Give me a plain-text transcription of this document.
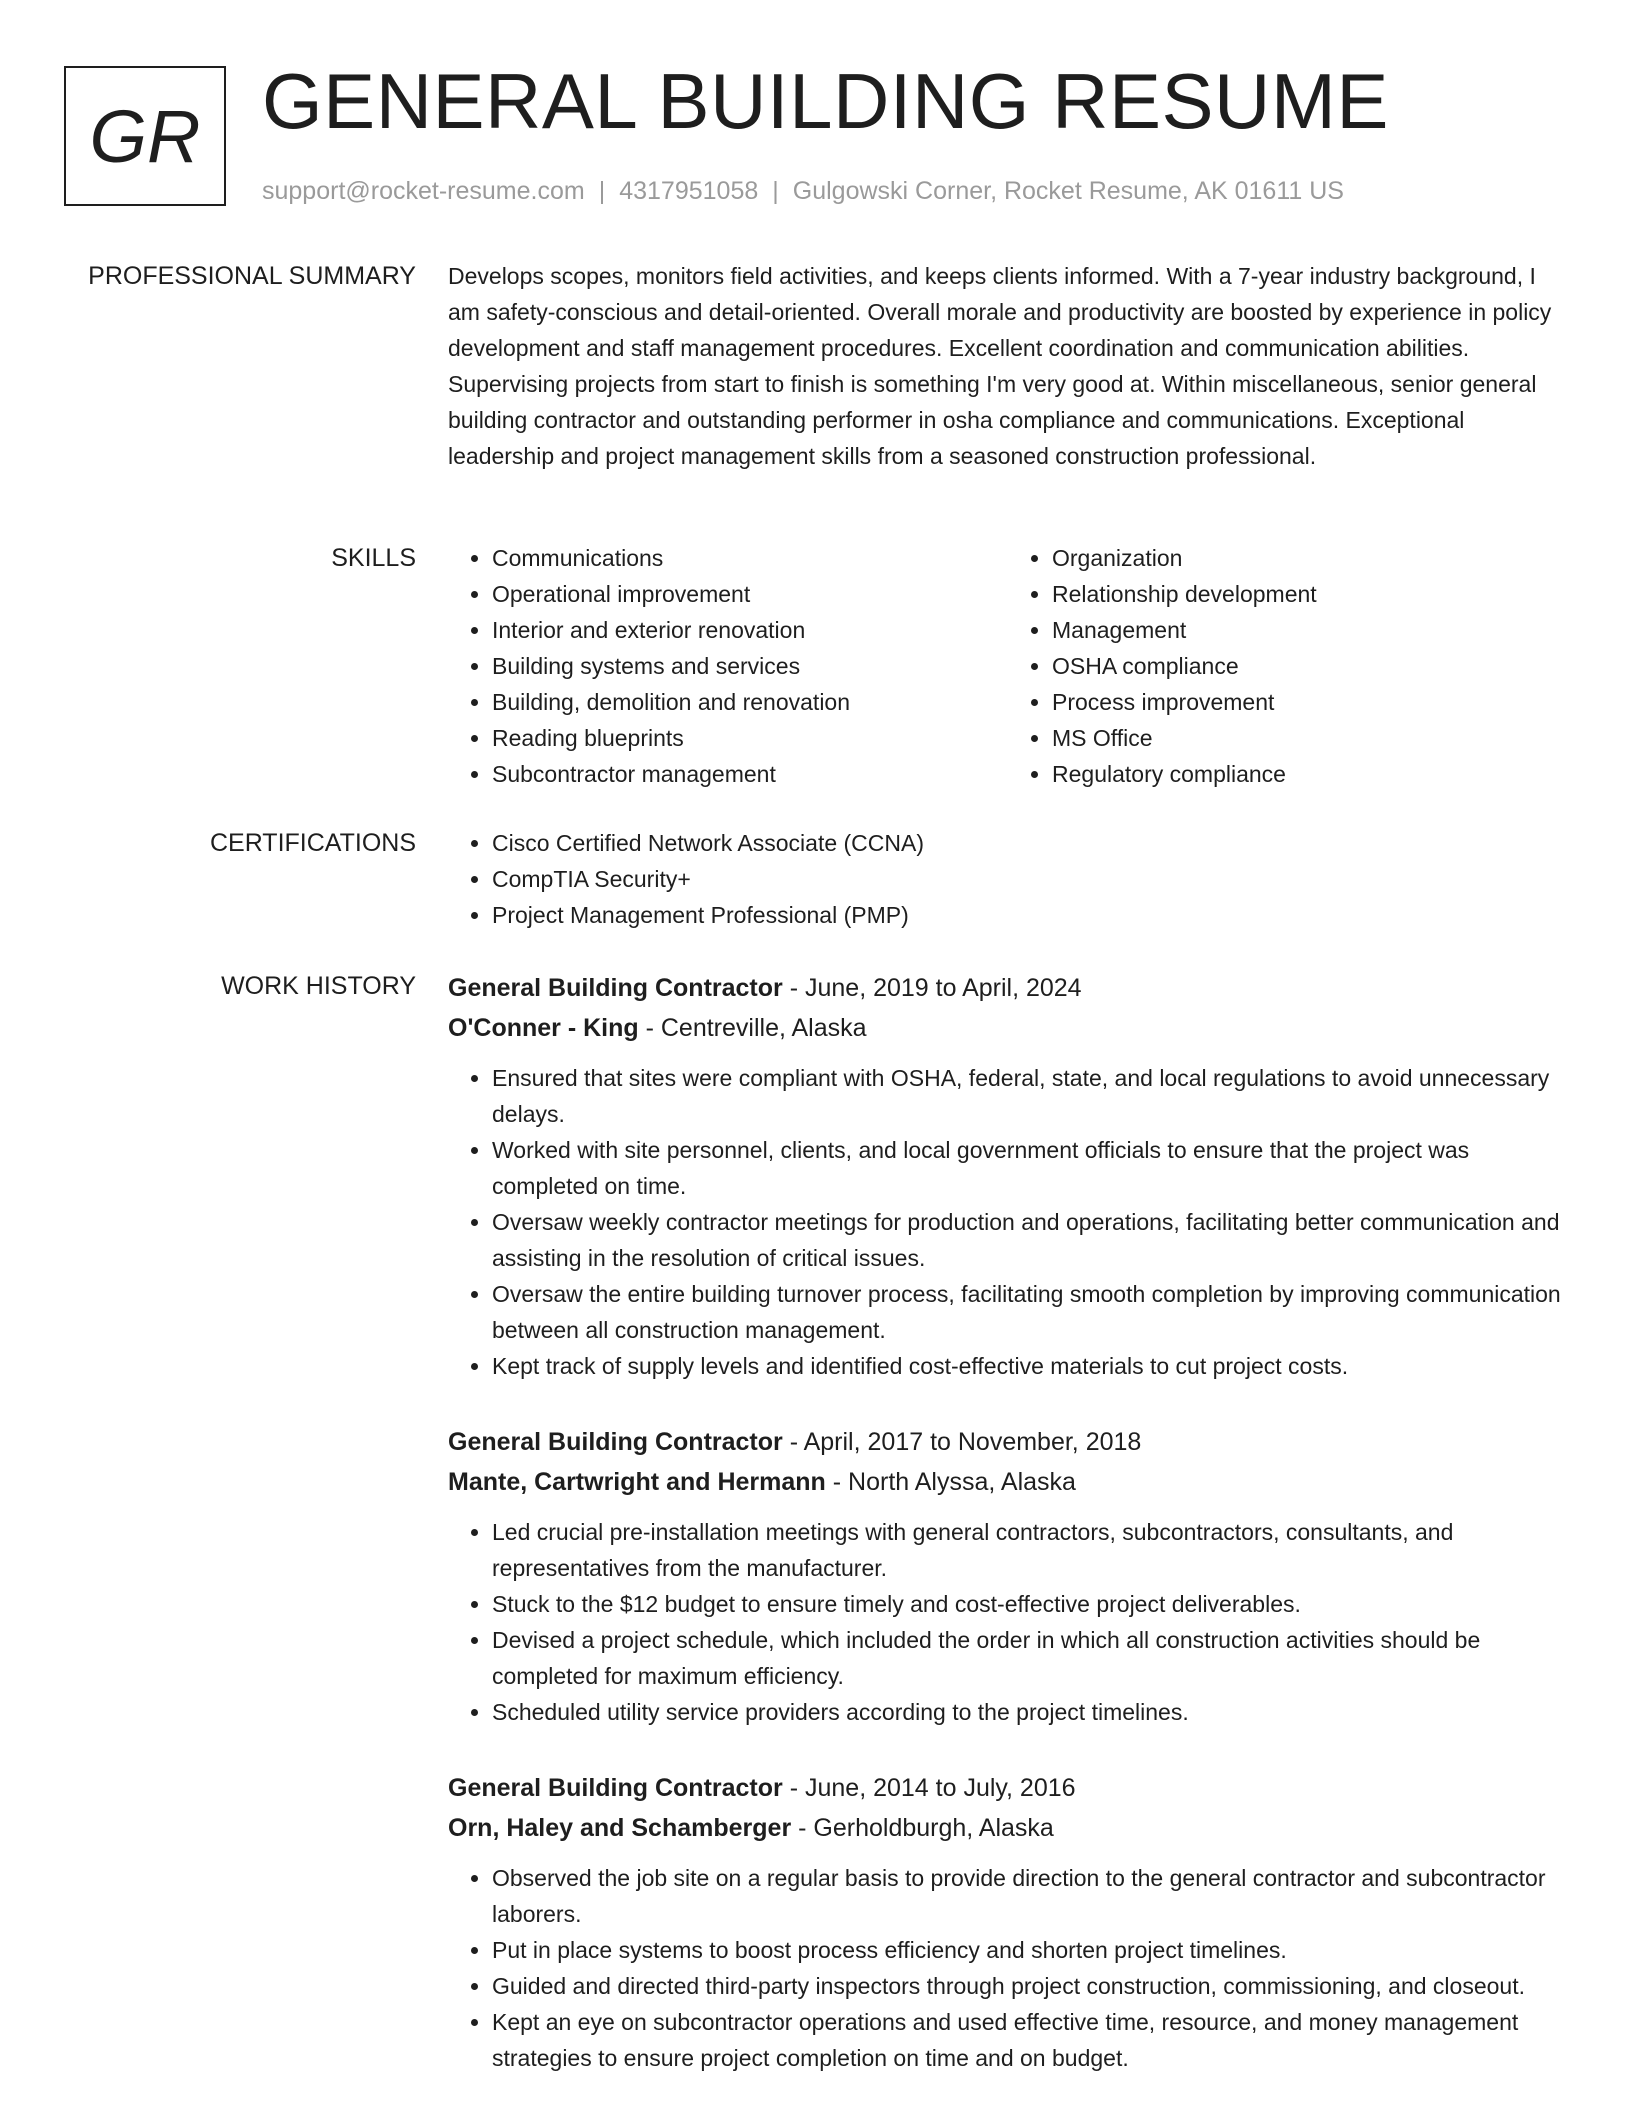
GR GENERAL BUILDING RESUME
support@rocket-resume.com | 4317951058 | Gulgowski Corner, Rocket Resume, AK 01611 US
PROFESSIONAL SUMMARY Develops scopes, monitors field activities, and keeps clients informed. With a 7-year industry background, I am safety-conscious and detail-oriented. Overall morale and productivity are boosted by experience in policy development and staff management procedures. Excellent coordination and communication abilities. Supervising projects from start to finish is something I'm very good at. Within miscellaneous, senior general building contractor and outstanding performer in osha compliance and communications. Exceptional leadership and project management skills from a seasoned construction professional.
SKILLS	• Communications
• Operational improvement
• Interior and exterior renovation
• Building systems and services
• Building, demolition and renovation
• Reading blueprints
• Subcontractor management
• Organization
• Relationship development
• Management
• OSHA compliance
• Process improvement
• MS Office
• Regulatory compliance
CERTIFICATIONS	• Cisco Certified Network Associate (CCNA)
• CompTIA Security+
• Project Management Professional (PMP)
WORK HISTORY General Building Contractor - June, 2019 to April, 2024
O'Conner - King - Centreville, Alaska
• Ensured that sites were compliant with OSHA, federal, state, and local regulations to avoid unnecessary delays.
• Worked with site personnel, clients, and local government officials to ensure that the project was completed on time.
• Oversaw weekly contractor meetings for production and operations, facilitating better communication and assisting in the resolution of critical issues.
• Oversaw the entire building turnover process, facilitating smooth completion by improving communication between all construction management.
• Kept track of supply levels and identified cost-effective materials to cut project costs.
General Building Contractor - April, 2017 to November, 2018
Mante, Cartwright and Hermann - North Alyssa, Alaska
• Led crucial pre-installation meetings with general contractors, subcontractors, consultants, and representatives from the manufacturer.
• Stuck to the $12 budget to ensure timely and cost-effective project deliverables.
• Devised a project schedule, which included the order in which all construction activities should be completed for maximum efficiency.
• Scheduled utility service providers according to the project timelines.
General Building Contractor - June, 2014 to July, 2016
Orn, Haley and Schamberger - Gerholdburgh, Alaska
• Observed the job site on a regular basis to provide direction to the general contractor and subcontractor laborers.
• Put in place systems to boost process efficiency and shorten project timelines.
• Guided and directed third-party inspectors through project construction, commissioning, and closeout.
• Kept an eye on subcontractor operations and used effective time, resource, and money management strategies to ensure project completion on time and on budget.
